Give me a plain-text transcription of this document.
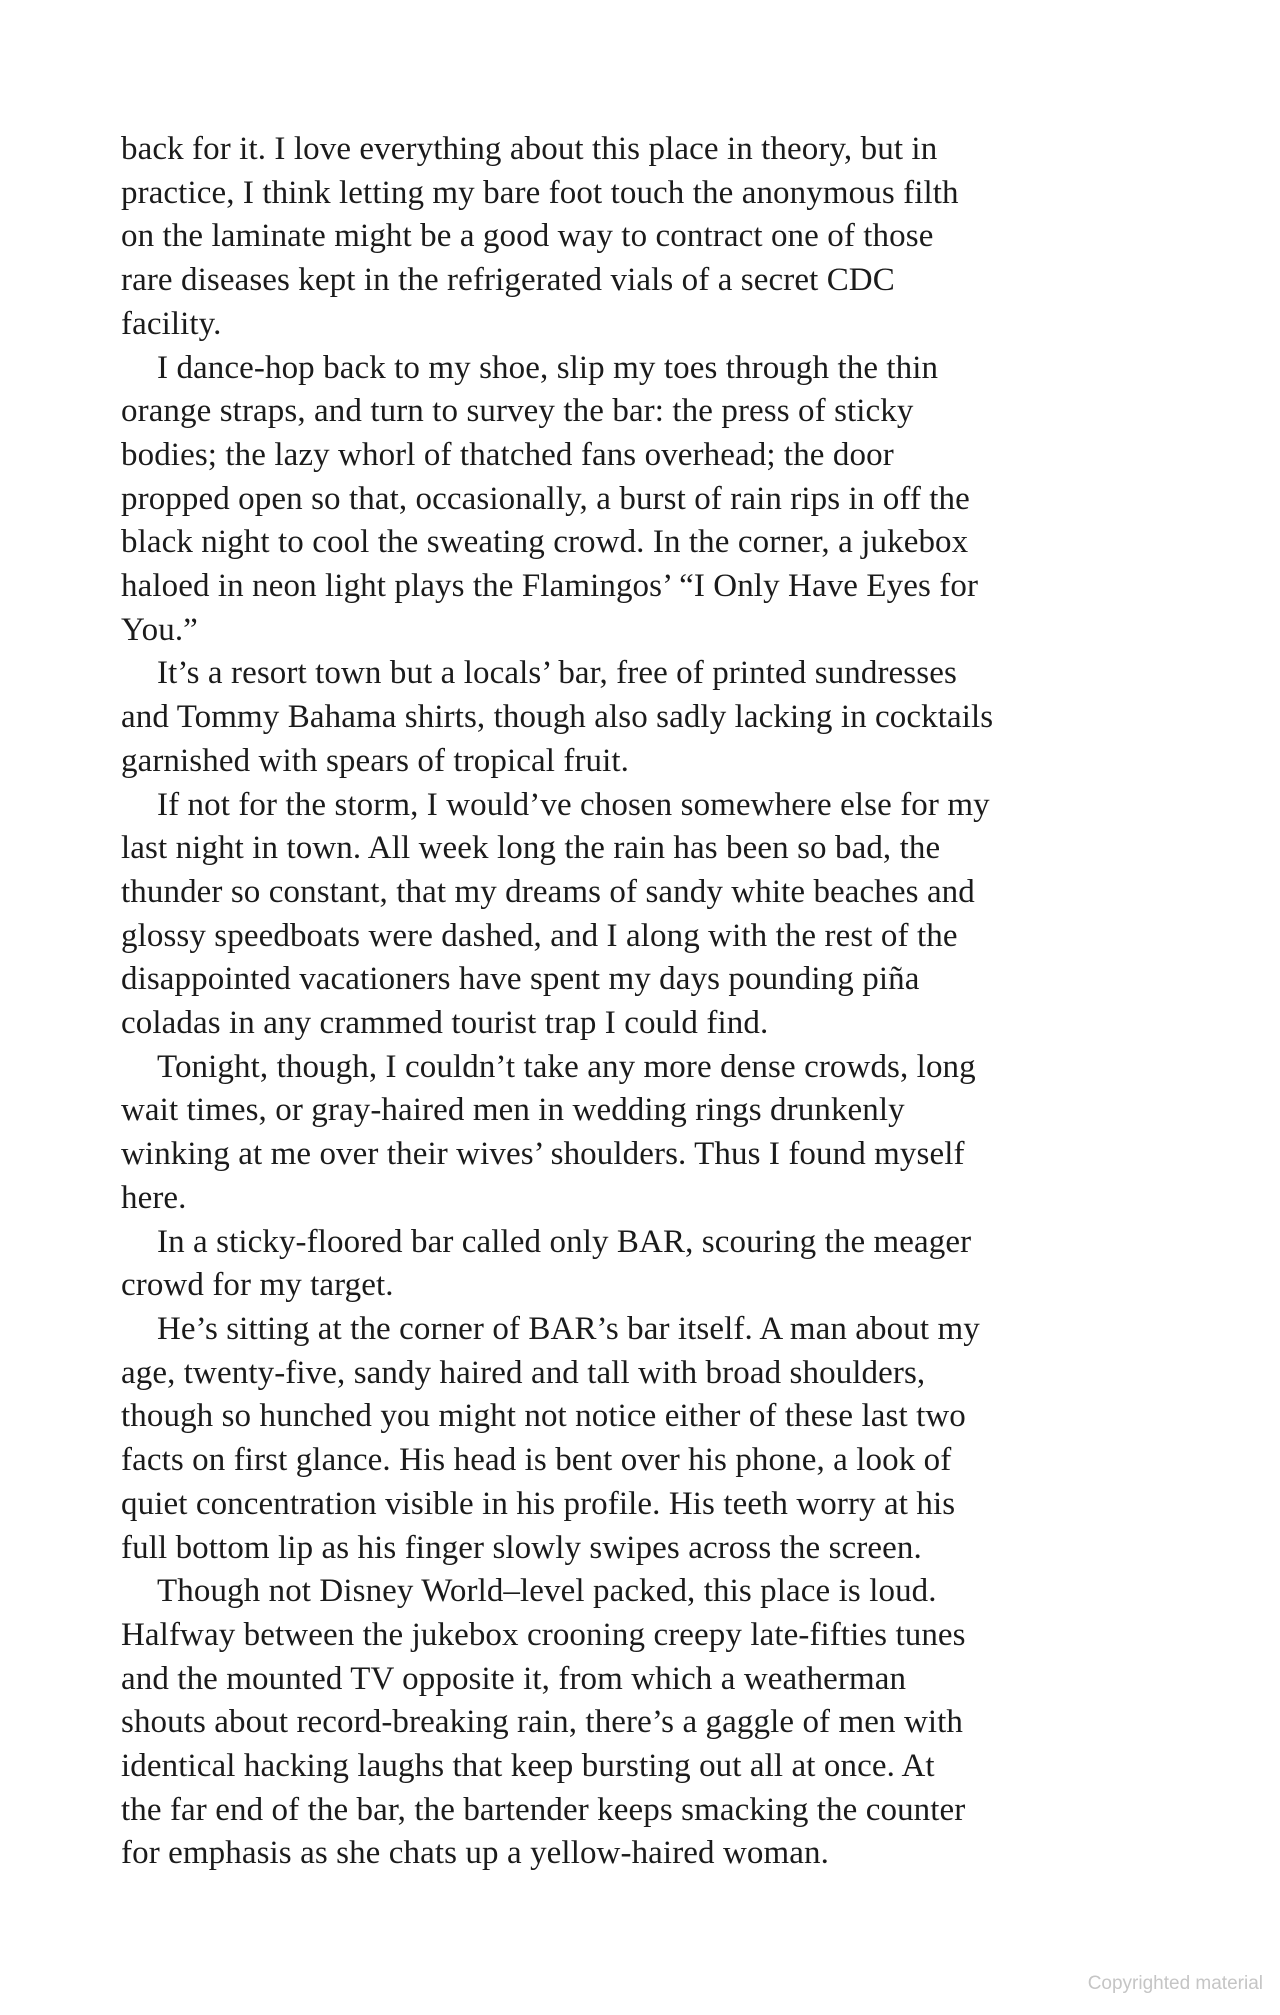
back for it. I love everything about this place in theory, but in
practice, I think letting my bare foot touch the anonymous filth
on the laminate might be a good way to contract one of those
rare diseases kept in the refrigerated vials of a secret CDC
facility.
I dance-hop back to my shoe, slip my toes through the thin
orange straps, and turn to survey the bar: the press of sticky
bodies; the lazy whorl of thatched fans overhead; the door
propped open so that, occasionally, a burst of rain rips in off the
black night to cool the sweating crowd. In the corner, a jukebox
haloed in neon light plays the Flamingos’ “I Only Have Eyes for
You.”
It’s a resort town but a locals’ bar, free of printed sundresses
and Tommy Bahama shirts, though also sadly lacking in cocktails
garnished with spears of tropical fruit.
If not for the storm, I would’ve chosen somewhere else for my
last night in town. All week long the rain has been so bad, the
thunder so constant, that my dreams of sandy white beaches and
glossy speedboats were dashed, and I along with the rest of the
disappointed vacationers have spent my days pounding piña
coladas in any crammed tourist trap I could find.
Tonight, though, I couldn’t take any more dense crowds, long
wait times, or gray-haired men in wedding rings drunkenly
winking at me over their wives’ shoulders. Thus I found myself
here.
In a sticky-floored bar called only BAR, scouring the meager
crowd for my target.
He’s sitting at the corner of BAR’s bar itself. A man about my
age, twenty-five, sandy haired and tall with broad shoulders,
though so hunched you might not notice either of these last two
facts on first glance. His head is bent over his phone, a look of
quiet concentration visible in his profile. His teeth worry at his
full bottom lip as his finger slowly swipes across the screen.
Though not Disney World–level packed, this place is loud.
Halfway between the jukebox crooning creepy late-fifties tunes
and the mounted TV opposite it, from which a weatherman
shouts about record-breaking rain, there’s a gaggle of men with
identical hacking laughs that keep bursting out all at once. At
the far end of the bar, the bartender keeps smacking the counter
for emphasis as she chats up a yellow-haired woman.
Copyrighted material
